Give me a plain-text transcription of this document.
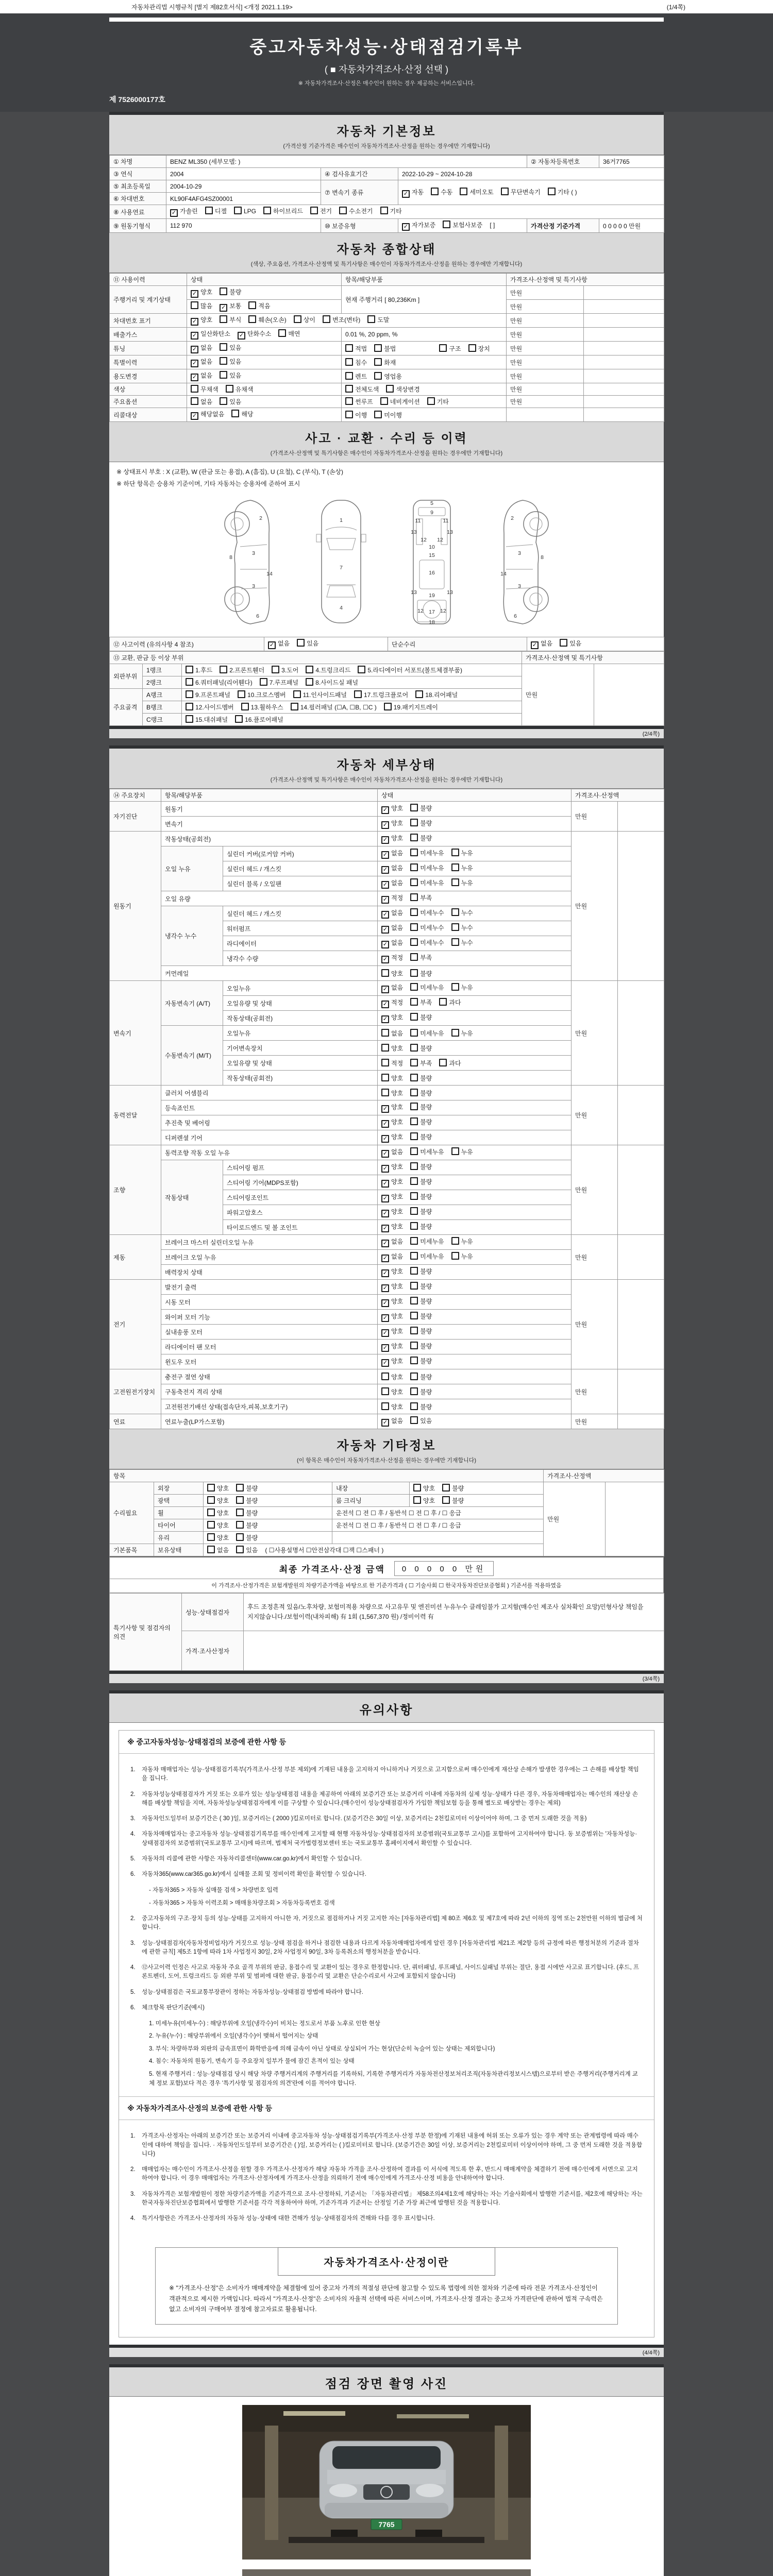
자동차관리법 시행규칙 [별지 제82호서식] <개정 2021.1.19>	(1/4쪽)
중고자동차성능·상태점검기록부
( ■ 자동차가격조사·산정 선택 )
※ 자동차가격조사·산정은 매수인이 원하는 경우 제공하는 서비스입니다.
제 7526000177호
자동차 기본정보
(가격산정 기준가격은 매수인이 자동차가격조사·산정을 원하는 경우에만 기재합니다)
① 차명	BENZ ML350 (세부모델: )			② 자동차등록번호	36거7765
③ 연식	2004	④ 검사유효기간	2022-10-29 ~ 2024-10-28		
⑤ 최초등록일	2004-10-29	⑦ 변속기 종류	✓ 자동 수동 세미오토 무단변속기 기타 ( )		
⑥ 차대번호	KL90F4AFG4SZ00001				
⑧ 사용연료	✓ 가솔린 디젤 LPG 하이브리드 전기 수소전기 기타				
⑨ 원동기형식	112 970	⑩ 보증유형	✓ 자가보증 보험사보증 [ ]	가격산정 기준가격	0 0 0 0 0 만원
자동차 종합상태
(색상, 주요옵션, 가격조사·산정액 및 특기사항은 매수인이 자동차가격조사·산정을 원하는 경우에만 기재합니다)
⑪ 사용이력	상태	항목/해당부품	가격조사·산정액 및 특기사항	
주행거리 및 계기상태	✓ 양호 불량	현재 주행거리 [ 80,236Km ]	만원	
	많음 ✓ 보통 적음		만원	
차대번호 표기	✓ 양호 부식 훼손(오손) 상이 변조(변타) 도말		만원	
배출가스	✓ 일산화탄소 ✓ 탄화수소 매연	0.01 %, 20 ppm, %	만원	
튜닝	✓ 없음 있음	적법 불법 구조 장치	만원	
특별이력	✓ 없음 있음	침수 화재	만원	
용도변경	✓ 없음 있음	렌트 영업용	만원	
색상	무채색 유채색	전체도색 색상변경	만원	
주요옵션	없음 있음	썬루프 네비게이션 기타	만원	
리콜대상	✓ 해당없음 해당	이행 미이행		
사고 · 교환 · 수리 등 이력
(가격조사·산정액 및 특기사항은 매수인이 자동차가격조사·산정을 원하는 경우에만 기재합니다)
※ 상태표시 부호 : X (교환), W (판금 또는 용접), A (흠집), U (요철), C (부식), T (손상)
※ 하단 항목은 승용차 기준이며, 기타 자동차는 승용차에 준하여 표시
2
8
3
14
3
6
1
7
4
5
9
11	11
13	13
12 12
10
15
16
13	13
19
12	12
17
18
2
8
3
14
3
6
⑫ 사고이력 (유의사항 4 참조)	✓ 없음	있음	단순수리	✓ 없음	있음
⑬ 교환, 판금 등 이상 부위			가격조사·산정액 및 특기사항	
외판부위	1랭크	1.후드 2.프론트휀더 3.도어 4.트렁크리드 5.라디에이터 서포트(볼트체결부품)	만원	
	2랭크	6.쿼터패널(리어휀다) 7.루프패널 8.사이드실 패널		
주요골격	A랭크	9.프론트패널 10.크로스멤버 11.인사이드패널 17.트렁크플로어 18.리어패널		
	B랭크	12.사이드멤버 13.휠하우스 14.필러패널 (☐A, ☐B, ☐C ) 19.패키지트레이		
	C랭크	15.대쉬패널 16.플로어패널		
(2/4쪽)
자동차 세부상태
(가격조사·산정액 및 특기사항은 매수인이 자동차가격조사·산정을 원하는 경우에만 기재합니다)
⑭ 주요장치	항목/해당부품		상태	가격조사·산정액	
자기진단	원동기		✓ 양호 불량	만원	
	변속기		✓ 양호 불량		
원동기	작동상태(공회전)		✓ 양호 불량	만원	
	오일 누유	실린더 커버(로커암 커버)	✓ 없음 미세누유 누유		
		실린더 헤드 / 개스킷	✓ 없음 미세누유 누유		
		실린더 블록 / 오일팬	✓ 없음 미세누유 누유		
	오일 유량		✓ 적정 부족		
	냉각수 누수	실린더 헤드 / 개스킷	✓ 없음 미세누수 누수		
		워터펌프	✓ 없음 미세누수 누수		
		라디에이터	✓ 없음 미세누수 누수		
		냉각수 수량	✓ 적정 부족		
	커먼레일		양호 불량		
변속기	자동변속기 (A/T)	오일누유	✓ 없음 미세누유 누유	만원	
		오일유량 및 상태	✓ 적정 부족 과다		
		작동상태(공회전)	✓ 양호 불량		
	수동변속기 (M/T)	오일누유	없음 미세누유 누유		
		기어변속장치	양호 불량		
		오일유량 및 상태	적정 부족 과다		
		작동상태(공회전)	양호 불량		
동력전달	클러치 어셈블리		양호 불량	만원	
	등속죠인트		✓ 양호 불량		
	추진축 및 베어링		✓ 양호 불량		
	디퍼렌셜 기어		✓ 양호 불량		
조향	동력조향 작동 오일 누유		✓ 없음 미세누유 누유	만원	
	작동상태	스티어링 펌프	✓ 양호 불량		
		스티어링 기어(MDPS포함)	✓ 양호 불량		
		스티어링조인트	✓ 양호 불량		
		파워고압호스	✓ 양호 불량		
		타이로드엔드 및 볼 조인트	✓ 양호 불량		
제동	브레이크 마스터 실린더오일 누유		✓ 없음 미세누유 누유	만원	
	브레이크 오일 누유		✓ 없음 미세누유 누유		
	배력장치 상태		✓ 양호 불량		
전기	발전기 출력		✓ 양호 불량	만원	
	시동 모터		✓ 양호 불량		
	와이퍼 모터 기능		✓ 양호 불량		
	실내송풍 모터		✓ 양호 불량		
	라디에이터 팬 모터		✓ 양호 불량		
	윈도우 모터		✓ 양호 불량		
고전원전기장치	충전구 절연 상태		양호 불량	만원	
	구동축전지 격리 상태		양호 불량		
	고전원전기배선 상태(접속단자,피복,보호기구)		양호 불량		
연료	연료누출(LP가스포함)		✓ 없음 있음	만원	
자동차 기타정보
(이 항목은 매수인이 자동차가격조사·산정을 원하는 경우에만 기재합니다)
항목					가격조사·산정액	
수리필요	외장	양호 불량	내장	양호 불량	만원	
	광택	양호 불량	룸 크리닝	양호 불량		
	휠	양호 불량	운전석 ☐ 전 ☐ 후 / 동반석 ☐ 전 ☐ 후 / ☐ 응급			
	타이어	양호 불량	운전석 ☐ 전 ☐ 후 / 동반석 ☐ 전 ☐ 후 / ☐ 응급			
	유리	양호 불량				
기본품목	보유상태	없음 있음 ( ☐사용설명서 ☐안전삼각대 ☐잭 ☐스패너 )				
최종 가격조사·산정 금액	0 0 0 0 0 만원
이 가격조사·산정가격은 보험개발원의 차량기준가액을 바탕으로 한 기준가격과 ( ☐ 기술사회 ☐ 한국자동차진단보증협회 ) 기준서를 적용하였음
특기사항 및 점검자의 의견	성능·상태점검자	후드 조정흔적 있음/노후차량, 보험미적용 차량으로 사고유무 및 엔진미션 누유누수 클레임불가 고지함(매수인 제조사 실차확인 요망)민형사상 책임을 지지않습니다./보험이력(내차피해) 有 1회 (1,567,370 원) /정비이력 有
	가격·조사산정자	
(3/4쪽)
유의사항
※ 중고자동차성능·상태점검의 보증에 관한 사항 등
1.	자동차 매매업자는 성능·상태점검기록부(가격조사·산정 부분 제외)에 기재된 내용을 고지하지 아니하거나 거짓으로 고지함으로써 매수인에게 재산상 손해가 발생한 경우에는 그 손해를 배상할 책임을 집니다.
2.	자동차성능상태점검자가 거짓 또는 오류가 있는 성능상태점검 내용을 제공하여 아래의 보증기간 또는 보증거리 이내에 자동차의 실제 성능·상태가 다른 경우, 자동차매매업자는 매수인의 재산상 손해를 배상할 책임을 지며, 자동차성능상태점검자에게 이를 구상할 수 있습니다.(매수인이 성능상태점검자가 가입한 책임보험 등을 통해 별도로 배상받는 경우는 제외)
3.	자동차인도일부터 보증기간은 ( 30 )일, 보증거리는 ( 2000 )킬로미터로 합니다. (보증기간은 30일 이상, 보증거리는 2천킬로미터 이상이어야 하며, 그 중 먼저 도래한 것을 적용)
4.	자동차매매업자는 중고자동차 성능·상태점검기록부를 매수인에게 고지할 때 현행 자동차성능·상태점검자의 보증범위(국토교통부 고시)를 포함하여 고지하여야 합니다. 동 보증범위는 '자동차성능·상태점검자의 보증범위'(국토교통부 고시)에 따르며, 법제처 국가법령정보센터 또는 국토교통부 홈페이지에서 확인할 수 있습니다.
5.	자동차의 리콜에 관한 사항은 자동차리콜센터(www.car.go.kr)에서 확인할 수 있습니다.
6.	자동차365(www.car365.go.kr)에서 실매물 조회 및 정비이력 확인을 확인할 수 있습니다.
- 자동차365 > 자동차 실매물 검색 > 차량번호 입력
- 자동차365 > 자동차 이력조회 > 매매용차량조회 > 자동차등록번호 검색
2.	중고자동차의 구조·장치 등의 성능·상태를 고지하지 아니한 자, 거짓으로 점검하거나 거짓 고지한 자는 [자동차관리법] 제 80조 제6호 및 제7호에 따라 2년 이하의 징역 또는 2천만원 이하의 벌금에 처합니다.
3.	성능·상태점검자(자동차정비업자)가 거짓으로 성능·상태 점검을 하거나 점검한 내용과 다르게 자동차매매업자에게 알린 경우 [자동차관리법 제21조 제2항 등의 규정에 따른 행정처분의 기준과 절차에 관한 규칙] 제5조 1항에 따라 1차 사업정지 30일, 2차 사업정지 90일, 3차 등록취소의 행정처분을 받습니다.
4.	⑫사고이력 인정은 사고로 자동차 주요 골격 부위의 판금, 용접수리 및 교환이 있는 경우로 한정합니다. 단, 쿼터패널, 루프패널, 사이드실패널 부위는 절단, 용접 시에만 사고로 표기합니다. (후드, 프론트펜더, 도어, 트렁크리드 등 외판 부위 및 범퍼에 대한 판금, 용접수리 및 교환은 단순수리로서 사고에 포함되지 않습니다)
5.	성능·상태점검은 국토교통부장관이 정하는 자동차성능·상태점검 방법에 따라야 합니다.
6.	체크항목 판단기준(예시)
1. 미세누유(미세누수) : 해당부위에 오일(냉각수)이 비치는 정도로서 부품 노후로 인한 현상
2. 누유(누수) : 해당부위에서 오일(냉각수)이 맺혀서 떨어지는 상태
3. 부식: 차량하부와 외판의 금속표면이 화학반응에 의해 금속이 아닌 상태로 상실되어 가는 현상(단순히 녹슬어 있는 상태는 제외합니다)
4. 침수: 자동차의 원동기, 변속기 등 주요장치 일부가 물에 잠긴 흔적이 있는 상태
5. 현재 주행거리 : 성능·상태점검 당시 해당 차량 주행거리계의 주행거리를 기록하되, 기록한 주행거리가 자동차전산정보처리조직(자동차관리정보시스템)으로부터 받은 주행거리(주행거리계 교체 정보 포함)보다 적은 경우 '특기사항 및 점검자의 의견'란에 이를 적어야 합니다.
※ 자동차가격조사·산정의 보증에 관한 사항 등
1.	가격조사·산정자는 아래의 보증기간 또는 보증거리 이내에 중고자동차 성능·상태점검기록부(가격조사·산정 부분 한정)에 기재된 내용에 허위 또는 오류가 있는 경우 계약 또는 관계법령에 따라 매수인에 대하여 책임을 집니다. · 자동차인도일부터 보증기간은 ( )일, 보증거리는 ( )킬로미터로 합니다. (보증기간은 30일 이상, 보증거리는 2천킬로미터 이상이어야 하며, 그 중 먼저 도래한 것을 적용합니다)
2.	매매업자는 매수인이 가격조사·산정을 원할 경우 가격조사·산정자가 해당 자동차 가격을 조사·산정하여 결과를 이 서식에 적도록 한 후, 반드시 매매계약을 체결하기 전에 매수인에게 서면으로 고지하여야 합니다. 이 경우 매매업자는 가격조사·산정자에게 가격조사·산정을 의뢰하기 전에 매수인에게 가격조사·산정 비용을 안내하여야 합니다.
3.	자동차가격은 보험개발원이 정한 차량기준가액을 기준가격으로 조사·산정하되, 기준서는 「자동차관리법」 제58조의4제1호에 해당하는 자는 기술사회에서 발행한 기준서를, 제2호에 해당하는 자는 한국자동차진단보증협회에서 발행한 기준서를 각각 적용하여야 하며, 기준가격과 기준서는 산정일 기준 가장 최근에 발행된 것을 적용합니다.
4.	특기사항란은 가격조사·산정자의 자동차 성능·상태에 대한 견해가 성능·상태점검자의 견해와 다를 경우 표시합니다.
자동차가격조사·산정이란
※ "가격조사·산정"은 소비자가 매매계약을 체결함에 있어 중고차 가격의 적절성 판단에 참고할 수 있도록 법령에 의한 절차와 기준에 따라 전문 가격조사·산정인이 객관적으로 제시한 가액입니다. 따라서 "가격조사·산정"은 소비자의 자율적 선택에 따른 서비스이며, 가격조사·산정 결과는 중고차 가격판단에 관하여 법적 구속력은 없고 소비자의 구매여부 결정에 참고자료로 활용됩니다.
(4/4쪽)
점검 장면 촬영 사진
7765
